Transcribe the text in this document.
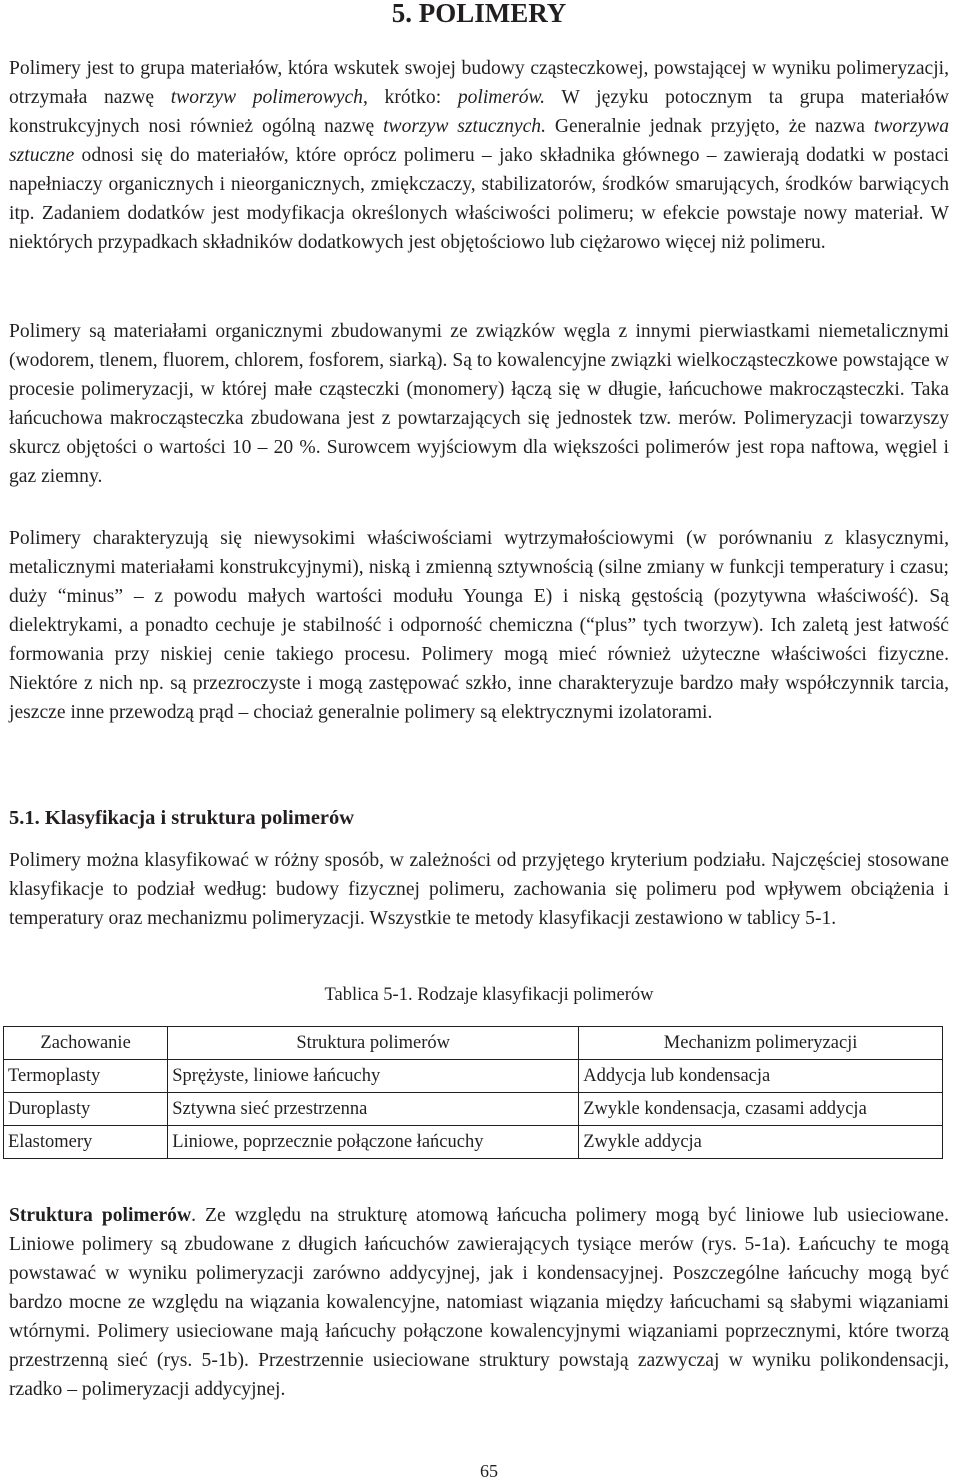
5. POLIMERY

Polimery jest to grupa materiałów, która wskutek swojej budowy cząsteczkowej, powstającej w wyniku polimeryzacji, otrzymała nazwę tworzyw polimerowych, krótko: polimerów. W języku potocznym ta grupa materiałów konstrukcyjnych nosi również ogólną nazwę tworzyw sztucznych. Generalnie jednak przyjęto, że nazwa tworzywa sztuczne odnosi się do materiałów, które oprócz polimeru – jako składnika głównego – zawierają dodatki w postaci napełniaczy organicznych i nieorganicznych, zmiękczaczy, stabilizatorów, środków smarujących, środków barwiących itp. Zadaniem dodatków jest modyfikacja określonych właściwości polimeru; w efekcie powstaje nowy materiał. W niektórych przypadkach składników dodatkowych jest objętościowo lub ciężarowo więcej niż polimeru.

Polimery są materiałami organicznymi zbudowanymi ze związków węgla z innymi pierwiastkami niemetalicznymi (wodorem, tlenem, fluorem, chlorem, fosforem, siarką). Są to kowalencyjne związki wielkocząsteczkowe powstające w procesie polimeryzacji, w której małe cząsteczki (monomery) łączą się w długie, łańcuchowe makrocząsteczki. Taka łańcuchowa makrocząsteczka zbudowana jest z powtarzających się jednostek tzw. merów. Polimeryzacji towarzyszy skurcz objętości o wartości 10 – 20 %. Surowcem wyjściowym dla większości polimerów jest ropa naftowa, węgiel i gaz ziemny.

Polimery charakteryzują się niewysokimi właściwościami wytrzymałościowymi (w porównaniu z klasycznymi, metalicznymi materiałami konstrukcyjnymi), niską i zmienną sztywnością (silne zmiany w funkcji temperatury i czasu; duży “minus” – z powodu małych wartości modułu Younga E) i niską gęstością (pozytywna właściwość). Są dielektrykami, a ponadto cechuje je stabilność i odporność chemiczna (“plus” tych tworzyw). Ich zaletą jest łatwość formowania przy niskiej cenie takiego procesu. Polimery mogą mieć również użyteczne właściwości fizyczne. Niektóre z nich np. są przezroczyste i mogą zastępować szkło, inne charakteryzuje bardzo mały współczynnik tarcia, jeszcze inne przewodzą prąd – chociaż generalnie polimery są elektrycznymi izolatorami.

5.1. Klasyfikacja i struktura polimerów

Polimery można klasyfikować w różny sposób, w zależności od przyjętego kryterium podziału. Najczęściej stosowane klasyfikacje to podział według: budowy fizycznej polimeru, zachowania się polimeru pod wpływem obciążenia i temperatury oraz mechanizmu polimeryzacji. Wszystkie te metody klasyfikacji zestawiono w tablicy 5-1.

Tablica 5-1. Rodzaje klasyfikacji polimerów
Zachowanie	Struktura polimerów	Mechanizm polimeryzacji
Termoplasty	Sprężyste, liniowe łańcuchy	Addycja lub kondensacja
Duroplasty	Sztywna sieć przestrzenna	Zwykle kondensacja, czasami addycja
Elastomery	Liniowe, poprzecznie połączone łańcuchy	Zwykle addycja

Struktura polimerów. Ze względu na strukturę atomową łańcucha polimery mogą być liniowe lub usieciowane. Liniowe polimery są zbudowane z długich łańcuchów zawierających tysiące merów (rys. 5-1a). Łańcuchy te mogą powstawać w wyniku polimeryzacji zarówno addycyjnej, jak i kondensacyjnej. Poszczególne łańcuchy mogą być bardzo mocne ze względu na wiązania kowalencyjne, natomiast wiązania między łańcuchami są słabymi wiązaniami wtórnymi. Polimery usieciowane mają łańcuchy połączone kowalencyjnymi wiązaniami poprzecznymi, które tworzą przestrzenną sieć (rys. 5-1b). Przestrzennie usieciowane struktury powstają zazwyczaj w wyniku polikondensacji, rzadko – polimeryzacji addycyjnej.

65
